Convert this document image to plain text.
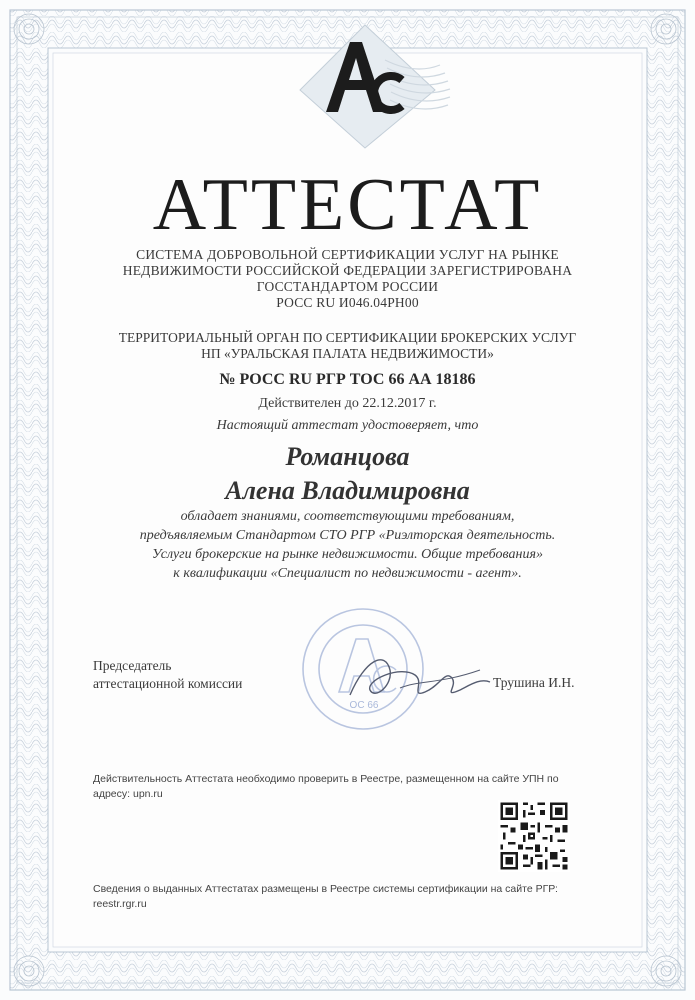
АТТЕСТАТ
СИСТЕМА ДОБРОВОЛЬНОЙ СЕРТИФИКАЦИИ УСЛУГ НА РЫНКЕ
НЕДВИЖИМОСТИ РОССИЙСКОЙ ФЕДЕРАЦИИ ЗАРЕГИСТРИРОВАНА
ГОССТАНДАРТОМ РОССИИ
РОСС RU И046.04РН00
ТЕРРИТОРИАЛЬНЫЙ ОРГАН ПО СЕРТИФИКАЦИИ БРОКЕРСКИХ УСЛУГ
НП «УРАЛЬСКАЯ ПАЛАТА НЕДВИЖИМОСТИ»
№ РОСС RU РГР ТОС 66 АА 18186
Действителен до 22.12.2017 г.
Настоящий аттестат удостоверяет, что
Романцова
Алена Владимировна
обладает знаниями, соответствующими требованиям,
предъявляемым Стандартом СТО РГР «Риэлторская деятельность.
Услуги брокерские на рынке недвижимости. Общие требования»
к квалификации «Специалист по недвижимости - агент».
ОС 66
Председатель
аттестационной комиссии	Трушина И.Н.
Действительность Аттестата необходимо проверить в Реестре, размещенном на сайте УПН по адресу: upn.ru
Сведения о выданных Аттестатах размещены в Реестре системы сертификации на сайте РГР: reestr.rgr.ru
